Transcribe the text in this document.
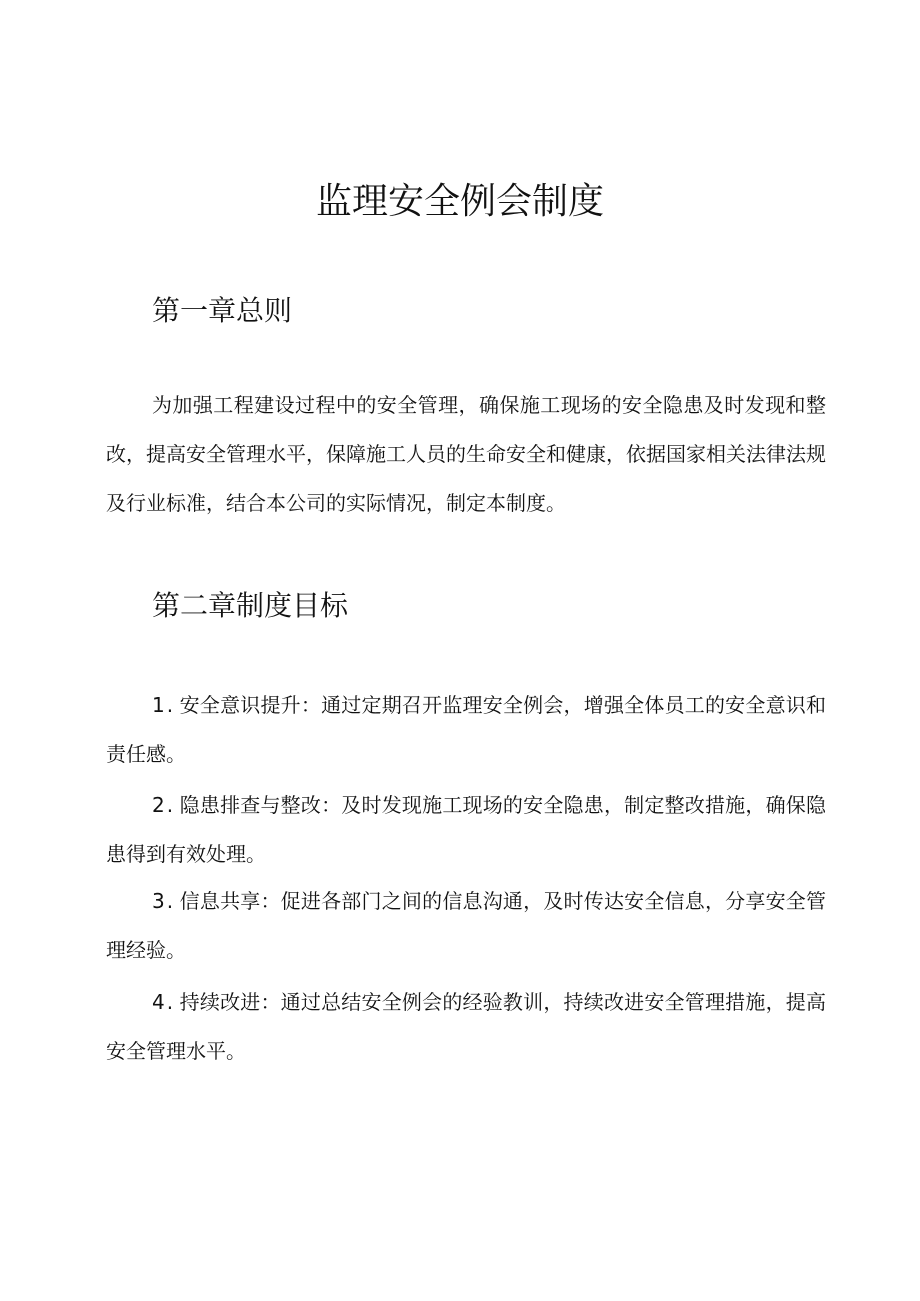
监理安全例会制度
第一章总则

为加强工程建设过程中的安全管理，确保施工现场的安全隐患及时发现和整改，提高安全管理水平，保障施工人员的生命安全和健康，依据国家相关法律法规及行业标准，结合本公司的实际情况，制定本制度。

第二章制度目标

1 . 安全意识提升：通过定期召开监理安全例会，增强全体员工的安全意识和责任感。

2 . 隐患排查与整改：及时发现施工现场的安全隐患，制定整改措施，确保隐患得到有效处理。

3 . 信息共享：促进各部门之间的信息沟通，及时传达安全信息，分享安全管理经验。

4 . 持续改进：通过总结安全例会的经验教训，持续改进安全管理措施，提高安全管理水平。
